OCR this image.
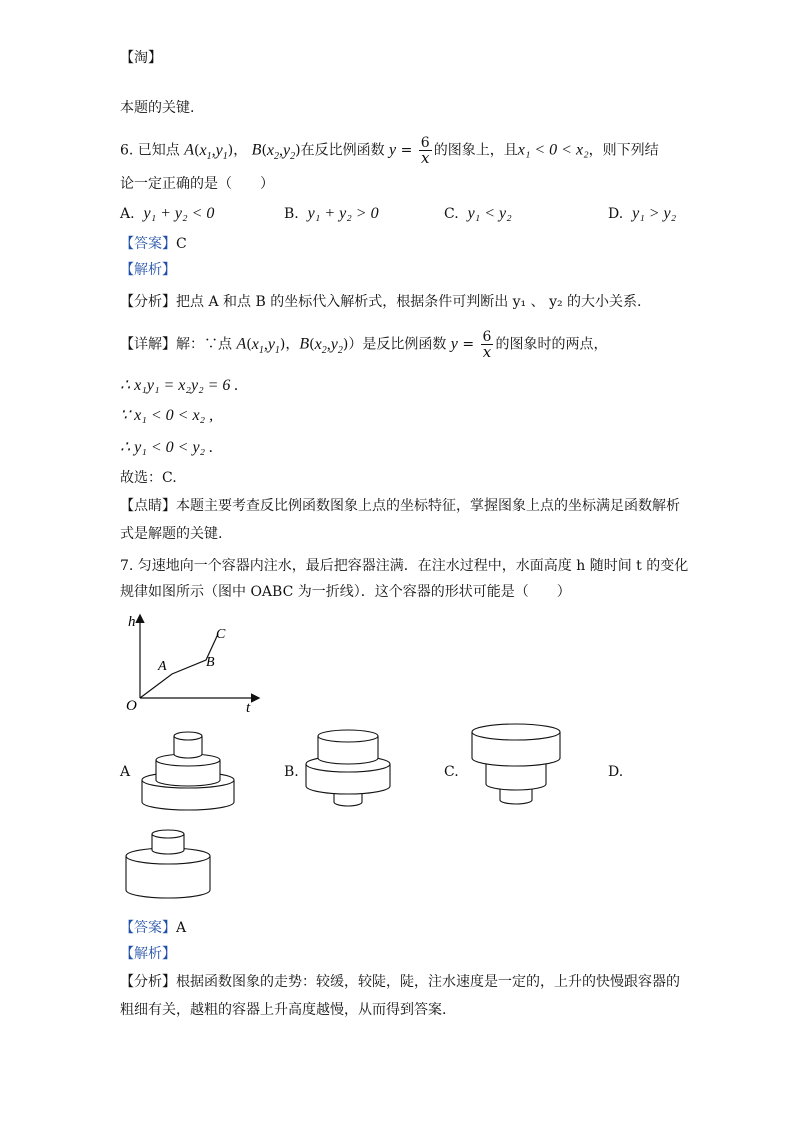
【淘】
本题的关键.
6. 已知点 $A(x_1,y_1)$， $B(x_2,y_2)$在反比例函数 $y = \frac{6}{x}$ 的图象上，且x₁ < 0 < x₂，则下列结
论一定正确的是（　　）
A. y₁ + y₂ < 0	B. y₁ + y₂ > 0	C. y₁ < y₂	D. y₁ > y₂
【答案】C
【解析】
【分析】把点 A 和点 B 的坐标代入解析式，根据条件可判断出 y₁ 、 y₂ 的大小关系.
【详解】解：∵点 $A(x_1,y_1)$，$B(x_2,y_2)$）是反比例函数 $y = \frac{6}{x}$ 的图象时的两点，
∴ x₁y₁ = x₂y₂ = 6 .
∵ x₁ < 0 < x₂ ,
∴ y₁ < 0 < y₂ .
故选：C.
【点睛】本题主要考查反比例函数图象上点的坐标特征，掌握图象上点的坐标满足函数解析
式是解题的关键.
7. 匀速地向一个容器内注水，最后把容器注满．在注水过程中，水面高度 h 随时间 t 的变化
规律如图所示（图中 OABC 为一折线）．这个容器的形状可能是（　　）
h
t
O
A	B
C
A	B.	C.	D.
【答案】A
【解析】
【分析】根据函数图象的走势：较缓，较陡，陡，注水速度是一定的，上升的快慢跟容器的
粗细有关，越粗的容器上升高度越慢，从而得到答案.
